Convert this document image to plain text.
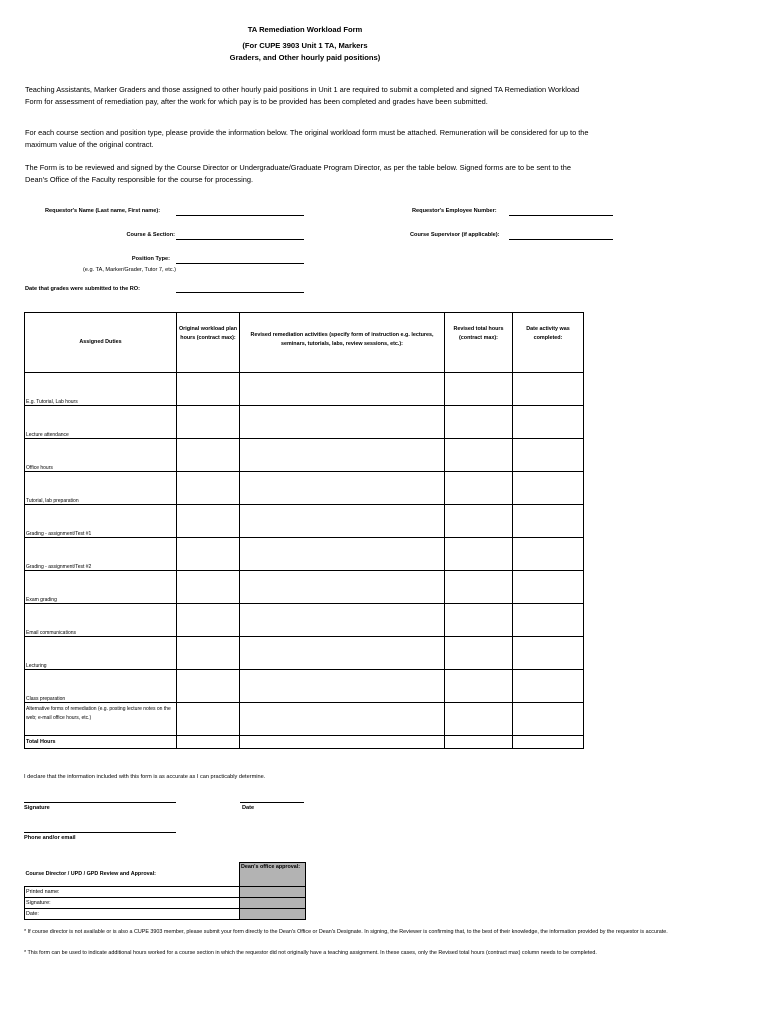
TA Remediation Workload Form
(For CUPE 3903 Unit 1 TA, Markers
Graders, and Other hourly paid positions)
Teaching Assistants, Marker Graders and those assigned to other hourly paid positions in Unit 1 are required to submit a completed and signed TA Remediation Workload Form for assessment of remediation pay, after the work for which pay is to be provided has been completed and grades have been submitted.
For each course section and position type, please provide the information below. The original workload form must be attached. Remuneration will be considered for up to the maximum value of the original contract.
The Form is to be reviewed and signed by the Course Director or Undergraduate/Graduate Program Director, as per the table below. Signed forms are to be sent to the Dean's Office of the Faculty responsible for the course for processing.
Requestor's Name (Last name, First name):	Requestor's Employee Number:
Course & Section:	Course Supervisor (if applicable):
Position Type:
(e.g. TA, Marker/Grader, Tutor 7, etc.)
Date that grades were submitted to the RO:
Assigned Duties	Original workload plan hours (contract max):	Revised remediation activities (specify form of instruction e.g. lectures, seminars, tutorials, labs, review sessions, etc.):	Revised total hours (contract max):	Date activity was completed:
E.g. Tutorial, Lab hours				
Lecture attendance				
Office hours				
Tutorial, lab preparation				
Grading - assignment/Test #1				
Grading - assignment/Test #2				
Exam grading				
Email communications				
Lecturing				
Class preparation				
Alternative forms of remediation (e.g. posting lecture notes on the web; e-mail office hours, etc.)				
Total Hours				
I declare that the information included with this form is as accurate as I can practicably determine.
Signature	Date
Phone and/or email
Course Director / UPD / GPD Review and Approval:	Dean's office approval:
Printed name:	
Signature:	
Date:	
* If course director is not available or is also a CUPE 3903 member, please submit your form directly to the Dean's Office or Dean's Designate. In signing, the Reviewer is confirming that, to the best of their knowledge, the information provided by the requestor is accurate.
* This form can be used to indicate additional hours worked for a course section in which the requestor did not originally have a teaching assignment. In these cases, only the Revised total hours (contract max) column needs to be completed.
